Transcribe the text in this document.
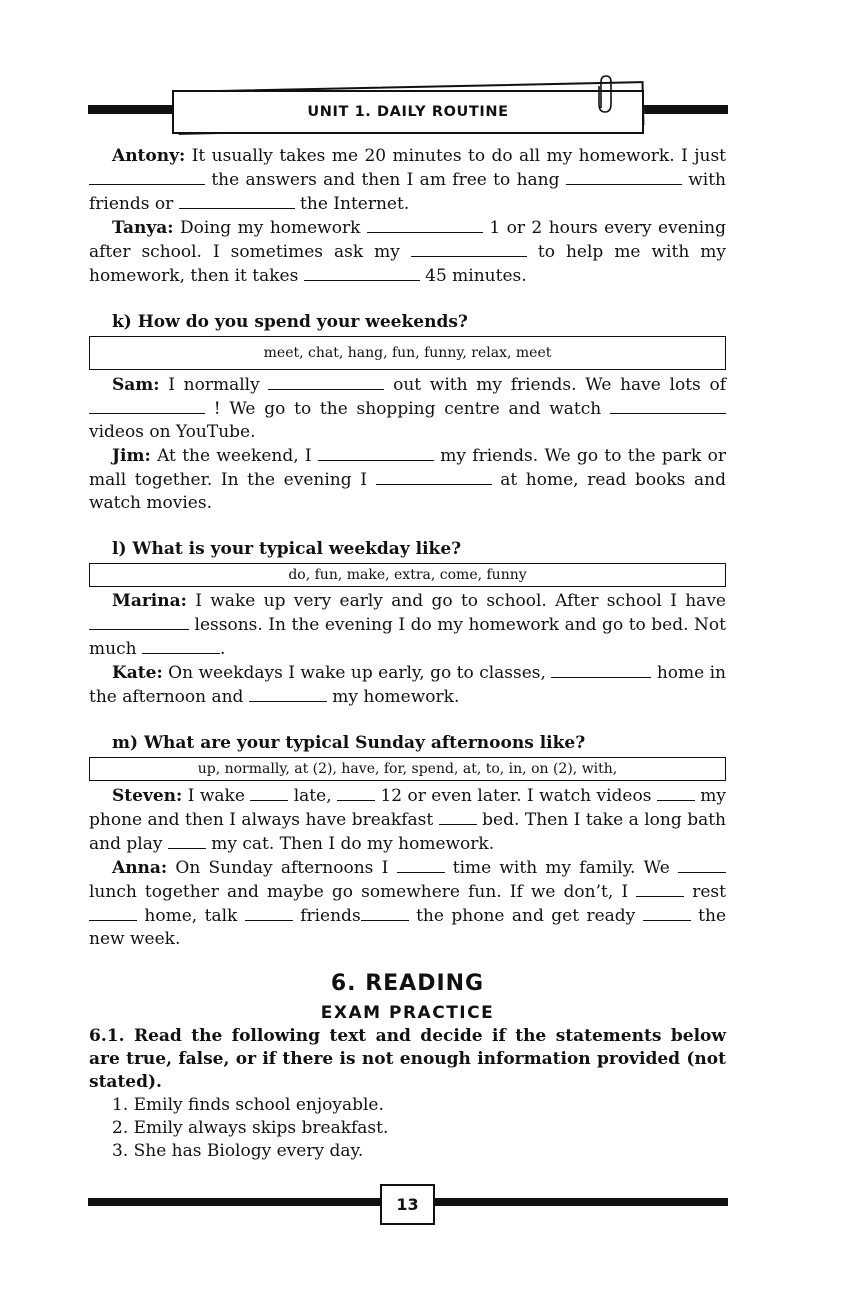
UNIT 1. DAILY ROUTINE

Antony: It usually takes me 20 minutes to do all my homework. I just  the answers and then I am free to hang	with friends or	the Internet.

Tanya: Doing my homework	1 or 2 hours every evening after school. I sometimes ask my	to help me with my homework, then it takes	45 minutes.

k) How do you spend your weekends?

meet, chat, hang, fun, funny, relax, meet

Sam: I normally	out with my friends. We have lots of  ! We go to the shopping centre and watch  videos on YouTube.

Jim: At the weekend, I	my friends. We go to the park or mall together. In the evening I	at home, read books and watch movies.

l) What is your typical weekday like?

do, fun, make, extra, come, funny

Marina: I wake up very early and go to school. After school I have  lessons. In the evening I do my homework and go to bed. Not much	.

Kate: On weekdays I wake up early, go to classes,	home in the afternoon and	my homework.

m) What are your typical Sunday afternoons like?

up, normally, at (2), have, for, spend, at, to, in, on (2), with,

Steven: I wake  late,  12 or even later. I watch videos  my phone and then I always have breakfast  bed. Then I take a long bath and play  my cat. Then I do my homework.

Anna: On Sunday afternoons I	time with my family. We  lunch together and maybe go somewhere fun. If we don’t, I	rest  home, talk	friends	the phone and get ready	the new week.

6. READING
EXAM PRACTICE

6.1. Read the following text and decide if the statements below are true, false, or if there is not enough information provided (not stated).

1. Emily finds school enjoyable.

2. Emily always skips breakfast.

3. She has Biology every day.

13
